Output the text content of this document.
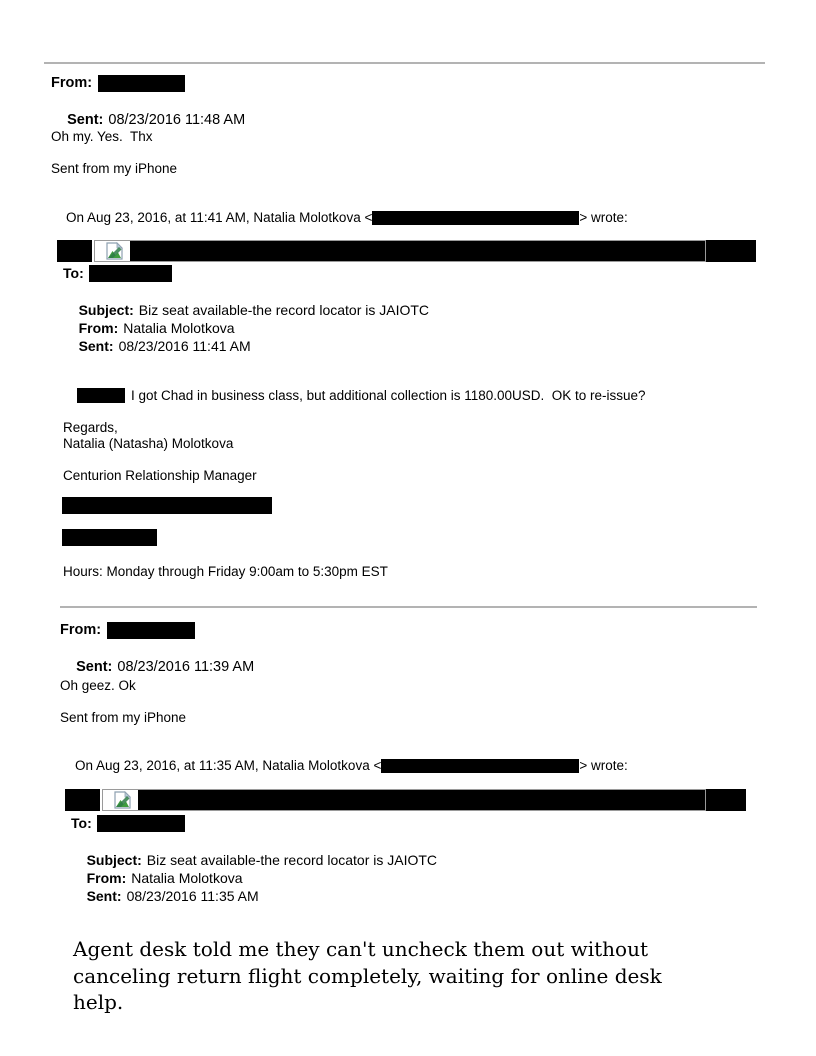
From:

Sent: 08/23/2016 11:48 AM

Oh my. Yes.  Thx
Sent from my iPhone

On Aug 23, 2016, at 11:41 AM, Natalia Molotkova <	> wrote:

To:

Subject: Biz seat available-the record locator is JAIOTC

From: Natalia Molotkova

Sent: 08/23/2016 11:41 AM

I got Chad in business class, but additional collection is 1180.00USD.  OK to re-issue?

Regards,
Natalia (Natasha) Molotkova
Centurion Relationship Manager
Hours: Monday through Friday 9:00am to 5:30pm EST
From:

Sent: 08/23/2016 11:39 AM

Oh geez. Ok
Sent from my iPhone

On Aug 23, 2016, at 11:35 AM, Natalia Molotkova <	> wrote:

To:

Subject: Biz seat available-the record locator is JAIOTC

From: Natalia Molotkova

Sent: 08/23/2016 11:35 AM

Agent desk told me they can't uncheck them out without
canceling return flight completely, waiting for online desk
help.
